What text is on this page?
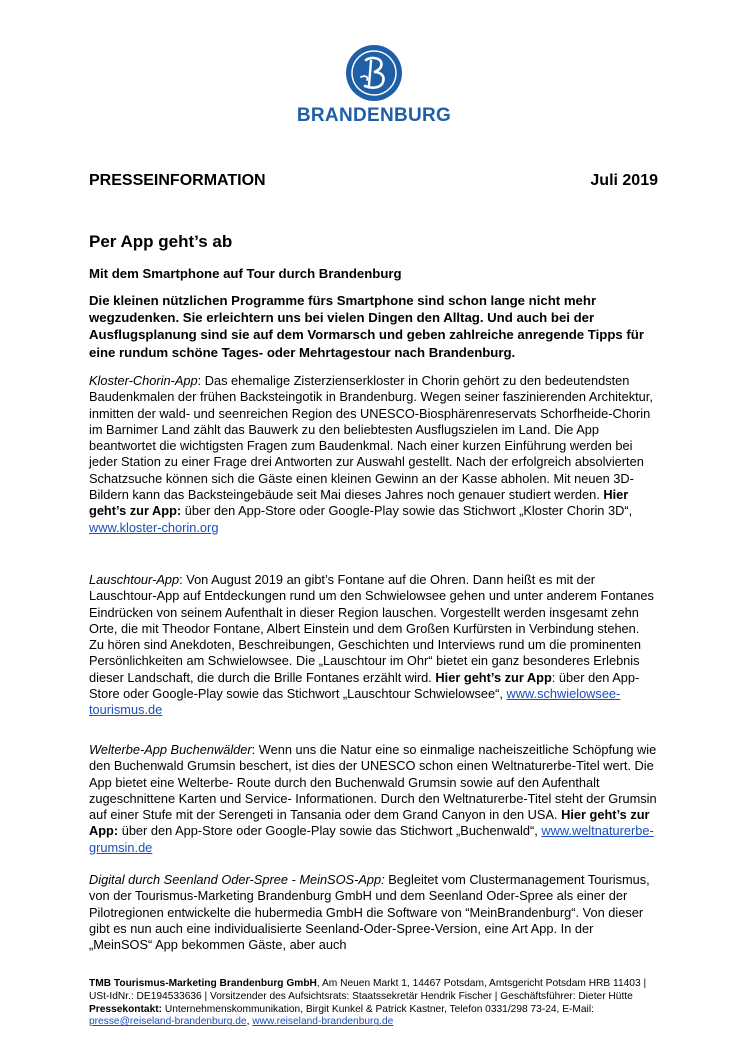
BRANDENBURG
PRESSEINFORMATION	Juli 2019
Per App geht’s ab
Mit dem Smartphone auf Tour durch Brandenburg
Die kleinen nützlichen Programme fürs Smartphone sind schon lange nicht mehr wegzudenken. Sie erleichtern uns bei vielen Dingen den Alltag. Und auch bei der Ausflugsplanung sind sie auf dem Vormarsch und geben zahlreiche anregende Tipps für eine rundum schöne Tages- oder Mehrtagestour nach Brandenburg.
Kloster-Chorin-App: Das ehemalige Zisterzienserkloster in Chorin gehört zu den bedeutendsten Baudenkmalen der frühen Backsteingotik in Brandenburg. Wegen seiner faszinierenden Architektur, inmitten der wald- und seenreichen Region des UNESCO-Biosphärenreservats Schorfheide-Chorin im Barnimer Land zählt das Bauwerk zu den beliebtesten Ausflugszielen im Land. Die App beantwortet die wichtigsten Fragen zum Baudenkmal. Nach einer kurzen Einführung werden bei jeder Station zu einer Frage drei Antworten zur Auswahl gestellt. Nach der erfolgreich absolvierten Schatzsuche können sich die Gäste einen kleinen Gewinn an der Kasse abholen. Mit neuen 3D-Bildern kann das Backsteingebäude seit Mai dieses Jahres noch genauer studiert werden. Hier geht’s zur App: über den App-Store oder Google-Play sowie das Stichwort „Kloster Chorin 3D“, www.kloster-chorin.org
Lauschtour-App: Von August 2019 an gibt’s Fontane auf die Ohren. Dann heißt es mit der Lauschtour-App auf Entdeckungen rund um den Schwielowsee gehen und unter anderem Fontanes Eindrücken von seinem Aufenthalt in dieser Region lauschen. Vorgestellt werden insgesamt zehn Orte, die mit Theodor Fontane, Albert Einstein und dem Großen Kurfürsten in Verbindung stehen. Zu hören sind Anekdoten, Beschreibungen, Geschichten und Interviews rund um die prominenten Persönlichkeiten am Schwielowsee. Die „Lauschtour im Ohr“ bietet ein ganz besonderes Erlebnis dieser Landschaft, die durch die Brille Fontanes erzählt wird. Hier geht’s zur App: über den App-Store oder Google-Play sowie das Stichwort „Lauschtour Schwielowsee“, www.schwielowsee-tourismus.de
Welterbe-App Buchenwälder: Wenn uns die Natur eine so einmalige nacheiszeitliche Schöpfung wie den Buchenwald Grumsin beschert, ist dies der UNESCO schon einen Weltnaturerbe-Titel wert. Die App bietet eine Welterbe- Route durch den Buchenwald Grumsin sowie auf den Aufenthalt zugeschnittene Karten und Service- Informationen. Durch den Weltnaturerbe-Titel steht der Grumsin auf einer Stufe mit der Serengeti in Tansania oder dem Grand Canyon in den USA. Hier geht’s zur App: über den App-Store oder Google-Play sowie das Stichwort „Buchenwald“, www.weltnaturerbe-grumsin.de
Digital durch Seenland Oder-Spree - MeinSOS-App: Begleitet vom Clustermanagement Tourismus, von der Tourismus-Marketing Brandenburg GmbH und dem Seenland Oder-Spree als einer der Pilotregionen entwickelte die hubermedia GmbH die Software von “MeinBrandenburg“. Von dieser gibt es nun auch eine individualisierte Seenland-Oder-Spree-Version, eine Art App. In der „MeinSOS“ App bekommen Gäste, aber auch
TMB Tourismus-Marketing Brandenburg GmbH, Am Neuen Markt 1, 14467 Potsdam, Amtsgericht Potsdam HRB 11403 | USt-IdNr.: DE194533636 | Vorsitzender des Aufsichtsrats: Staatssekretär Hendrik Fischer | Geschäftsführer: Dieter Hütte Pressekontakt: Unternehmenskommunikation, Birgit Kunkel & Patrick Kastner, Telefon 0331/298 73-24, E-Mail: presse@reiseland-brandenburg.de, www.reiseland-brandenburg.de
